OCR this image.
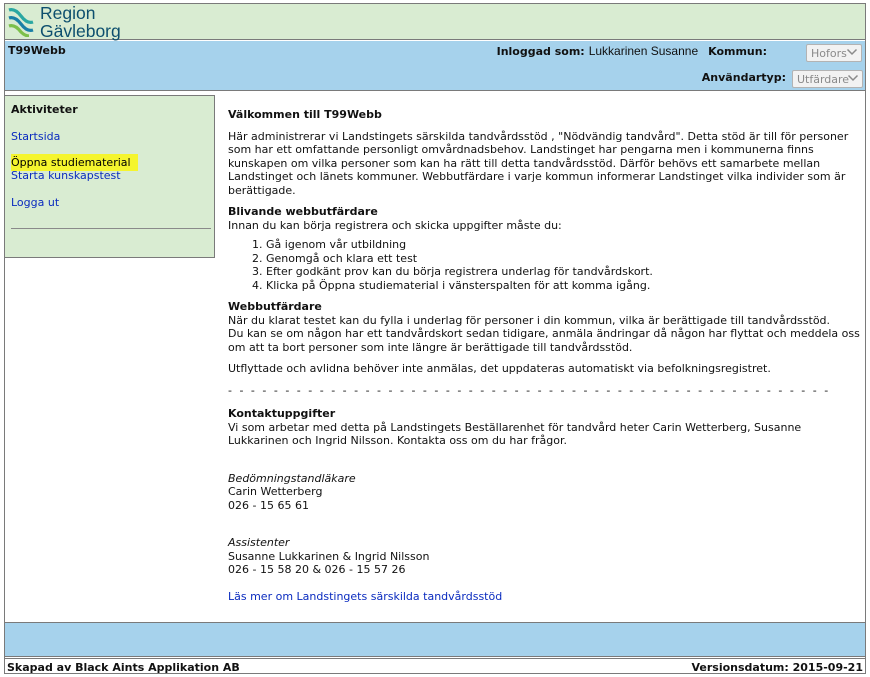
Region
Gävleborg
T99Webb	Inloggad som: Lukkarinen Susanne Kommun:	Hofors
Användartyp:	Utfärdare
Aktiviteter
Startsida
Öppna studiematerial
Starta kunskapstest
Logga ut
Välkommen till T99Webb

Här administrerar vi Landstingets särskilda tandvårdsstöd , "Nödvändig tandvård". Detta stöd är till för personer som har ett omfattande personligt omvårdnadsbehov. Landstinget har pengarna men i kommunerna finns kunskapen om vilka personer som kan ha rätt till detta tandvårdsstöd. Därför behövs ett samarbete mellan Landstinget och länets kommuner. Webbutfärdare i varje kommun informerar Landstinget vilka individer som är berättigade.

Blivande webbutfärdare
Innan du kan börja registrera och skicka uppgifter måste du:
1. Gå igenom vår utbildning
2. Genomgå och klara ett test
3. Efter godkänt prov kan du börja registrera underlag för tandvårdskort.
4. Klicka på Öppna studiematerial i vänsterspalten för att komma igång.
Webbutfärdare
När du klarat testet kan du fylla i underlag för personer i din kommun, vilka är berättigade till tandvårdsstöd.

Du kan se om någon har ett tandvårdskort sedan tidigare, anmäla ändringar då någon har flyttat och meddela oss om att ta bort personer som inte längre är berättigade till tandvårdsstöd.

Utflyttade och avlidna behöver inte anmälas, det uppdateras automatiskt via befolkningsregistret.
- - - - - - - - - - - - - - - - - - - - - - - - - - - - - - - - - - - - - - - - - - - - - - - - - - - - -
Kontaktuppgifter
Vi som arbetar med detta på Landstingets Beställarenhet för tandvård heter Carin Wetterberg, Susanne Lukkarinen och Ingrid Nilsson. Kontakta oss om du har frågor.
Bedömningstandläkare
Carin Wetterberg
026 - 15 65 61
Assistenter
Susanne Lukkarinen & Ingrid Nilsson
026 - 15 58 20 & 026 - 15 57 26
Läs mer om Landstingets särskilda tandvårdsstöd
Skapad av Black Aints Applikation AB	Versionsdatum: 2015-09-21
